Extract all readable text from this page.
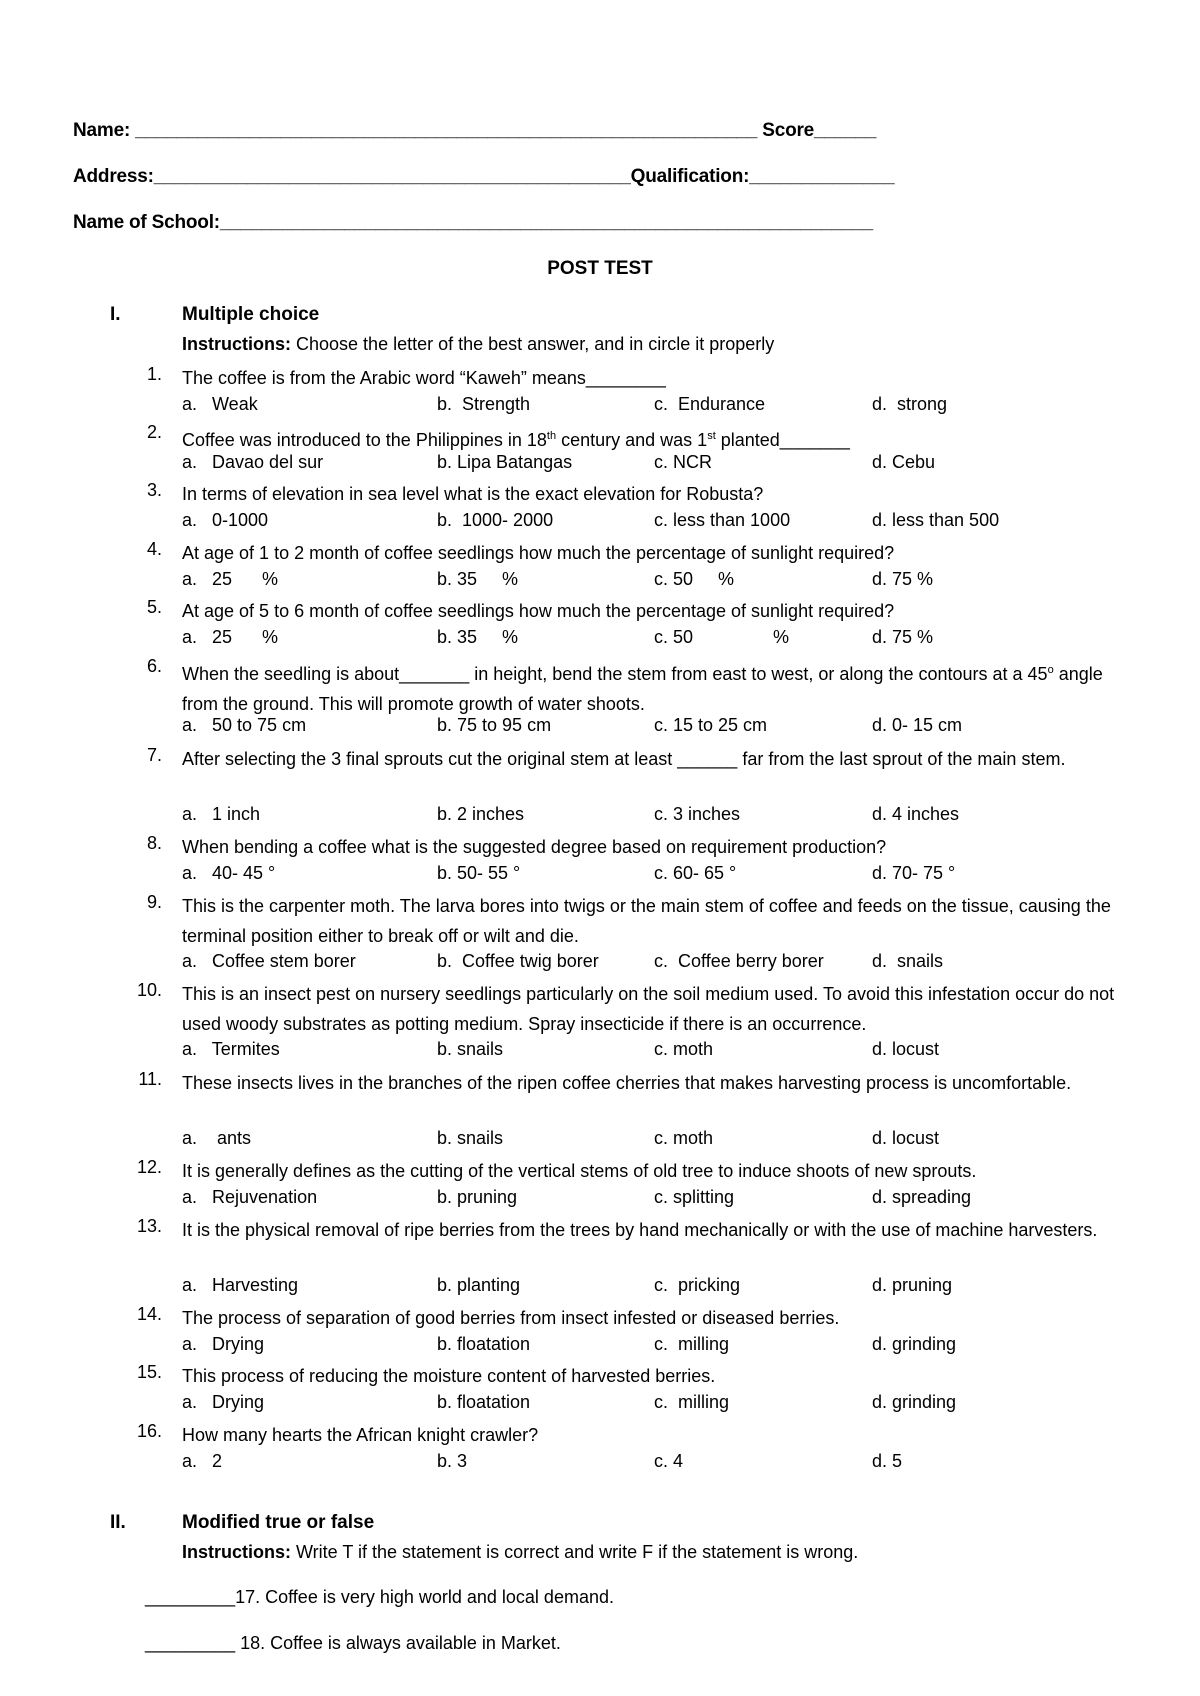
Name: ____________________________________________________________ Score______
Address:______________________________________________Qualification:______________
Name of School:_______________________________________________________________
POST TEST
I.	Multiple choice
Instructions: Choose the letter of the best answer, and in circle it properly
1. The coffee is from the Arabic word “Kaweh” means________
a.   Weak	b.  Strength	c.  Endurance	d.  strong
2. Coffee was introduced to the Philippines in 18th century and was 1st planted_______
a.   Davao del sur	b. Lipa Batangas	c. NCR	d. Cebu
3. In terms of elevation in sea level what is the exact elevation for Robusta?
a.   0-1000	b.  1000- 2000	c. less than 1000	d. less than 500
4. At age of 1 to 2 month of coffee seedlings how much the percentage of sunlight required?
a.   25      %	b. 35     %	c. 50     %	d. 75 %
5. At age of 5 to 6 month of coffee seedlings how much the percentage of sunlight required?
a.   25      %	b. 35     %	c. 50                %	d. 75 %
6. When the seedling is about_______ in height, bend the stem from east to west, or along the contours at a 45$^o$ angle from the ground. This will promote growth of water shoots.
a.   50 to 75 cm	b. 75 to 95 cm	c. 15 to 25 cm	d. 0- 15 cm
7. After selecting the 3 final sprouts cut the original stem at least ______ far from the last sprout of the main stem.
a.   1 inch	b. 2 inches	c. 3 inches	d. 4 inches
8. When bending a coffee what is the suggested degree based on requirement production?
a.   40- 45 °	b. 50- 55 °	c. 60- 65 °	d. 70- 75 °
9. This is the carpenter moth. The larva bores into twigs or the main stem of coffee and feeds on the tissue, causing the terminal position either to break off or wilt and die.
a.   Coffee stem borer	b.  Coffee twig borer	c.  Coffee berry borer	d.  snails
10. This is an insect pest on nursery seedlings particularly on the soil medium used. To avoid this infestation occur do not used woody substrates as potting medium. Spray insecticide if there is an occurrence.
a.   Termites	b. snails	c. moth	d. locust
11. These insects lives in the branches of the ripen coffee cherries that makes harvesting process is uncomfortable.
a.    ants	b. snails	c. moth	d. locust
12. It is generally defines as the cutting of the vertical stems of old tree to induce shoots of new sprouts.
a.   Rejuvenation	b. pruning	c. splitting	d. spreading
13. It is the physical removal of ripe berries from the trees by hand mechanically or with the use of machine harvesters.
a.   Harvesting	b. planting	c.  pricking	d. pruning
14. The process of separation of good berries from insect infested or diseased berries.
a.   Drying	b. floatation	c.  milling	d. grinding
15. This process of reducing the moisture content of harvested berries.
a.   Drying	b. floatation	c.  milling	d. grinding
16. How many hearts the African knight crawler?
a.   2	b. 3	c. 4	d. 5
II.	Modified true or false
Instructions: Write T if the statement is correct and write F if the statement is wrong.
_________17. Coffee is very high world and local demand.
_________ 18. Coffee is always available in Market.
